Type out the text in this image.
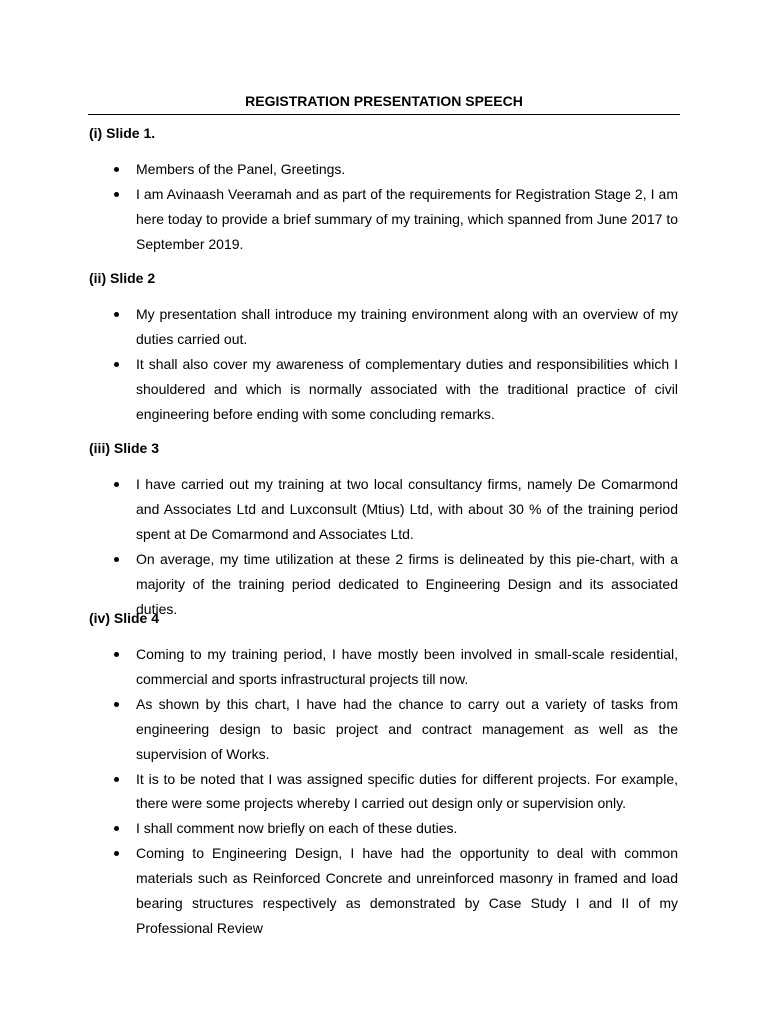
REGISTRATION PRESENTATION SPEECH
(i) Slide 1.
Members of the Panel, Greetings.
I am Avinaash Veeramah and as part of the requirements for Registration Stage 2, I am here today to provide a brief summary of my training, which spanned from June 2017 to September 2019.
(ii) Slide 2
My presentation shall introduce my training environment along with an overview of my duties carried out.
It shall also cover my awareness of complementary duties and responsibilities which I shouldered and which is normally associated with the traditional practice of civil engineering before ending with some concluding remarks.
(iii) Slide 3
I have carried out my training at two local consultancy firms, namely De Comarmond and Associates Ltd and Luxconsult (Mtius) Ltd, with about 30 % of the training period spent at De Comarmond and Associates Ltd.
On average, my time utilization at these 2 firms is delineated by this pie-chart, with a majority of the training period dedicated to Engineering Design and its associated duties.
(iv) Slide 4
Coming to my training period, I have mostly been involved in small-scale residential, commercial and sports infrastructural projects till now.
As shown by this chart, I have had the chance to carry out a variety of tasks from engineering design to basic project and contract management as well as the supervision of Works.
It is to be noted that I was assigned specific duties for different projects. For example, there were some projects whereby I carried out design only or supervision only.
I shall comment now briefly on each of these duties.
Coming to Engineering Design, I have had the opportunity to deal with common materials such as Reinforced Concrete and unreinforced masonry in framed and load bearing structures respectively as demonstrated by Case Study I and II of my Professional Review
